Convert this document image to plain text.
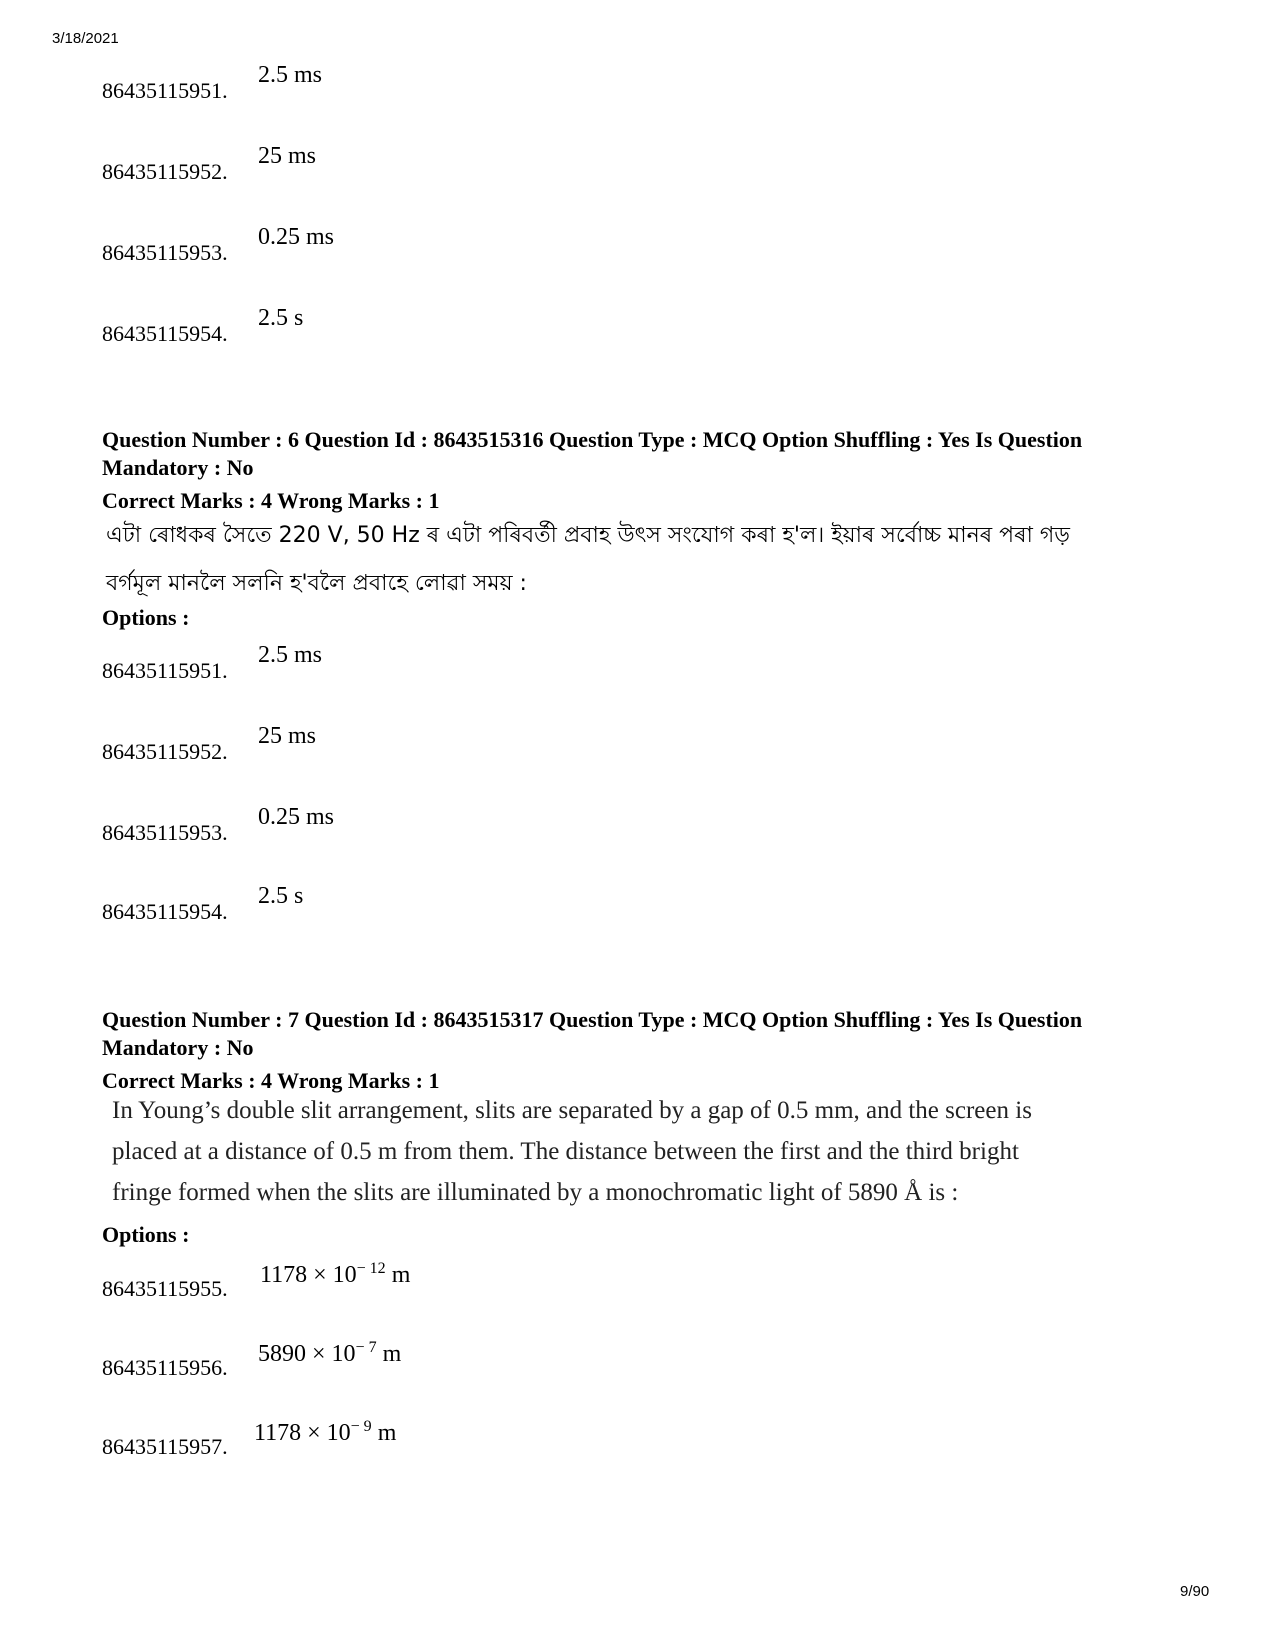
3/18/2021
86435115951.
2.5 ms
86435115952.
25 ms
86435115953.
0.25 ms
86435115954.
2.5 s
Question Number : 6 Question Id : 8643515316 Question Type : MCQ Option Shuffling : Yes Is Question Mandatory : No
Correct Marks : 4 Wrong Marks : 1
এটা ৰোধকৰ সৈতে 220 V, 50 Hz ৰ এটা পৰিবৰ্তী প্ৰবাহ উৎস সংযোগ কৰা হ'ল। ইয়াৰ সৰ্বোচ্চ মানৰ পৰা গড়
বৰ্গমূল মানলৈ সলনি হ'বলৈ প্ৰবাহে লোৱা সময় :
Options :
86435115951.
2.5 ms
86435115952.
25 ms
86435115953.
0.25 ms
86435115954.
2.5 s
Question Number : 7 Question Id : 8643515317 Question Type : MCQ Option Shuffling : Yes Is Question Mandatory : No
Correct Marks : 4 Wrong Marks : 1
In Young’s double slit arrangement, slits are separated by a gap of 0.5 mm, and the screen is
placed at a distance of 0.5 m from them. The distance between the first and the third bright
fringe formed when the slits are illuminated by a monochromatic light of 5890 Å is :
Options :
86435115955.
$1178 \times 10^{- 12}$ m
86435115956.
$5890 \times 10^{- 7}$ m
86435115957.
$1178 \times 10^{- 9}$ m
9/90
